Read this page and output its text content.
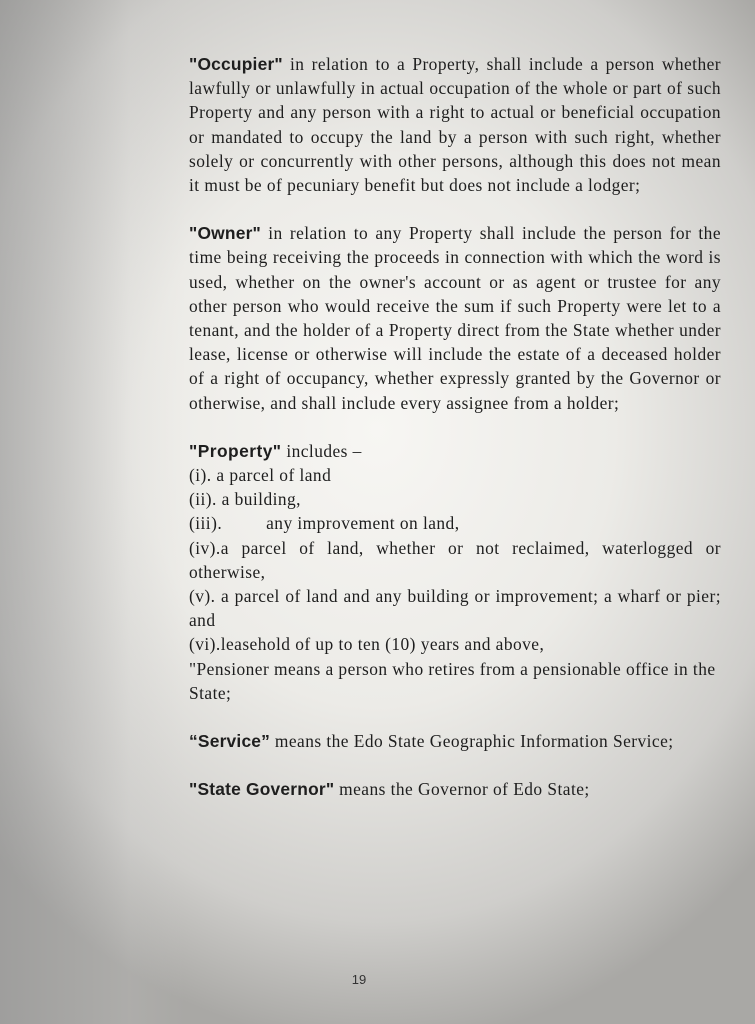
"Occupier" in relation to a Property, shall include a person whether lawfully or unlawfully in actual occupation of the whole or part of such Property and any person with a right to actual or beneficial occupation or mandated to occupy the land by a person with such right, whether solely or concurrently with other persons, although this does not mean it must be of pecuniary benefit but does not include a lodger;

"Owner" in relation to any Property shall include the person for the time being receiving the proceeds in connection with which the word is used, whether on the owner's account or as agent or trustee for any other person who would receive the sum if such Property were let to a tenant, and the holder of a Property direct from the State whether under lease, license or otherwise will include the estate of a deceased holder of a right of occupancy, whether expressly granted by the Governor or otherwise, and shall include every assignee from a holder;

"Property" includes –
(i). a parcel of land
(ii). a building,
(iii).	any improvement on land,
(iv).a parcel of land, whether or not reclaimed, waterlogged or otherwise,
(v). a parcel of land and any building or improvement; a wharf or pier; and
(vi).leasehold of up to ten (10) years and above,
"Pensioner means a person who retires from a pensionable office in the State;

“Service” means the Edo State Geographic Information Service;

"State Governor" means the Governor of Edo State;

19
